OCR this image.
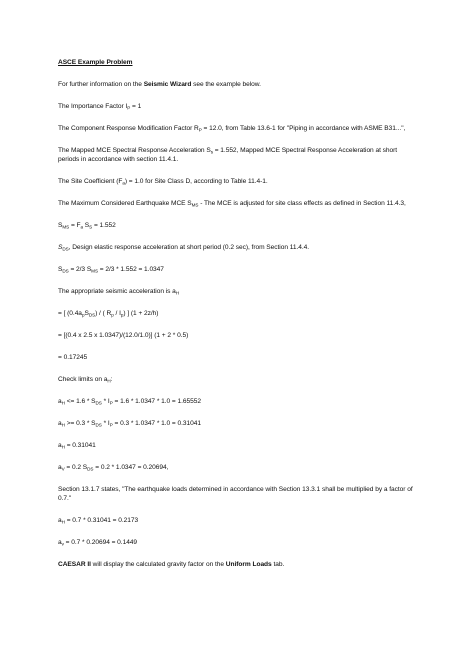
ASCE Example Problem

For further information on the Seismic Wizard see the example below.

The Importance Factor $I_P = 1$

The Component Response Modification Factor $R_P = 12.0$, from Table 13.6-1 for "Piping in accordance with ASME B31...",

The Mapped MCE Spectral Response Acceleration $S_s = 1.552$, Mapped MCE Spectral Response Acceleration at short periods in accordance with section 11.4.1.

The Site Coefficient $(F_a) = 1.0$ for Site Class D, according to Table 11.4-1.

The Maximum Considered Earthquake MCE $S_{MS}$ - The MCE is adjusted for site class effects as defined in Section 11.4.3,

$S_{MS} = F_a$ $S_S = 1.552$

$S_{DS}$, Design elastic response acceleration at short period (0.2 sec), from Section 11.4.4.

$S_{DS} = 2/3$ $S_{MS} = 2/3 * 1.552 = 1.0347$

The appropriate seismic acceleration is $a_H$

= [ $(0.4a_pS_{DS})$ / ( $R_p / I_p$) ] (1 + 2z/h)

= [(0.4 x 2.5 x 1.0347)/(12.0/1.0)] (1 + 2 * 0.5)

= 0.17245

Check limits on $a_H$:

$a_H <= 1.6 * S_{DS} * I_P = 1.6 * 1.0347 * 1.0 = 1.65552$

$a_H >= 0.3 * S_{DS} * I_P = 0.3 * 1.0347 * 1.0 = 0.31041$

$a_H = 0.31041$

$a_V = 0.2$ $S_{DS} = 0.2 * 1.0347 = 0.20694$,

Section 13.1.7 states, "The earthquake loads determined in accordance with Section 13.3.1 shall be multiplied by a factor of 0.7."

$a_H = 0.7 * 0.31041 = 0.2173$

$a_v = 0.7 * 0.20694 = 0.1449$

CAESAR II will display the calculated gravity factor on the Uniform Loads tab.
